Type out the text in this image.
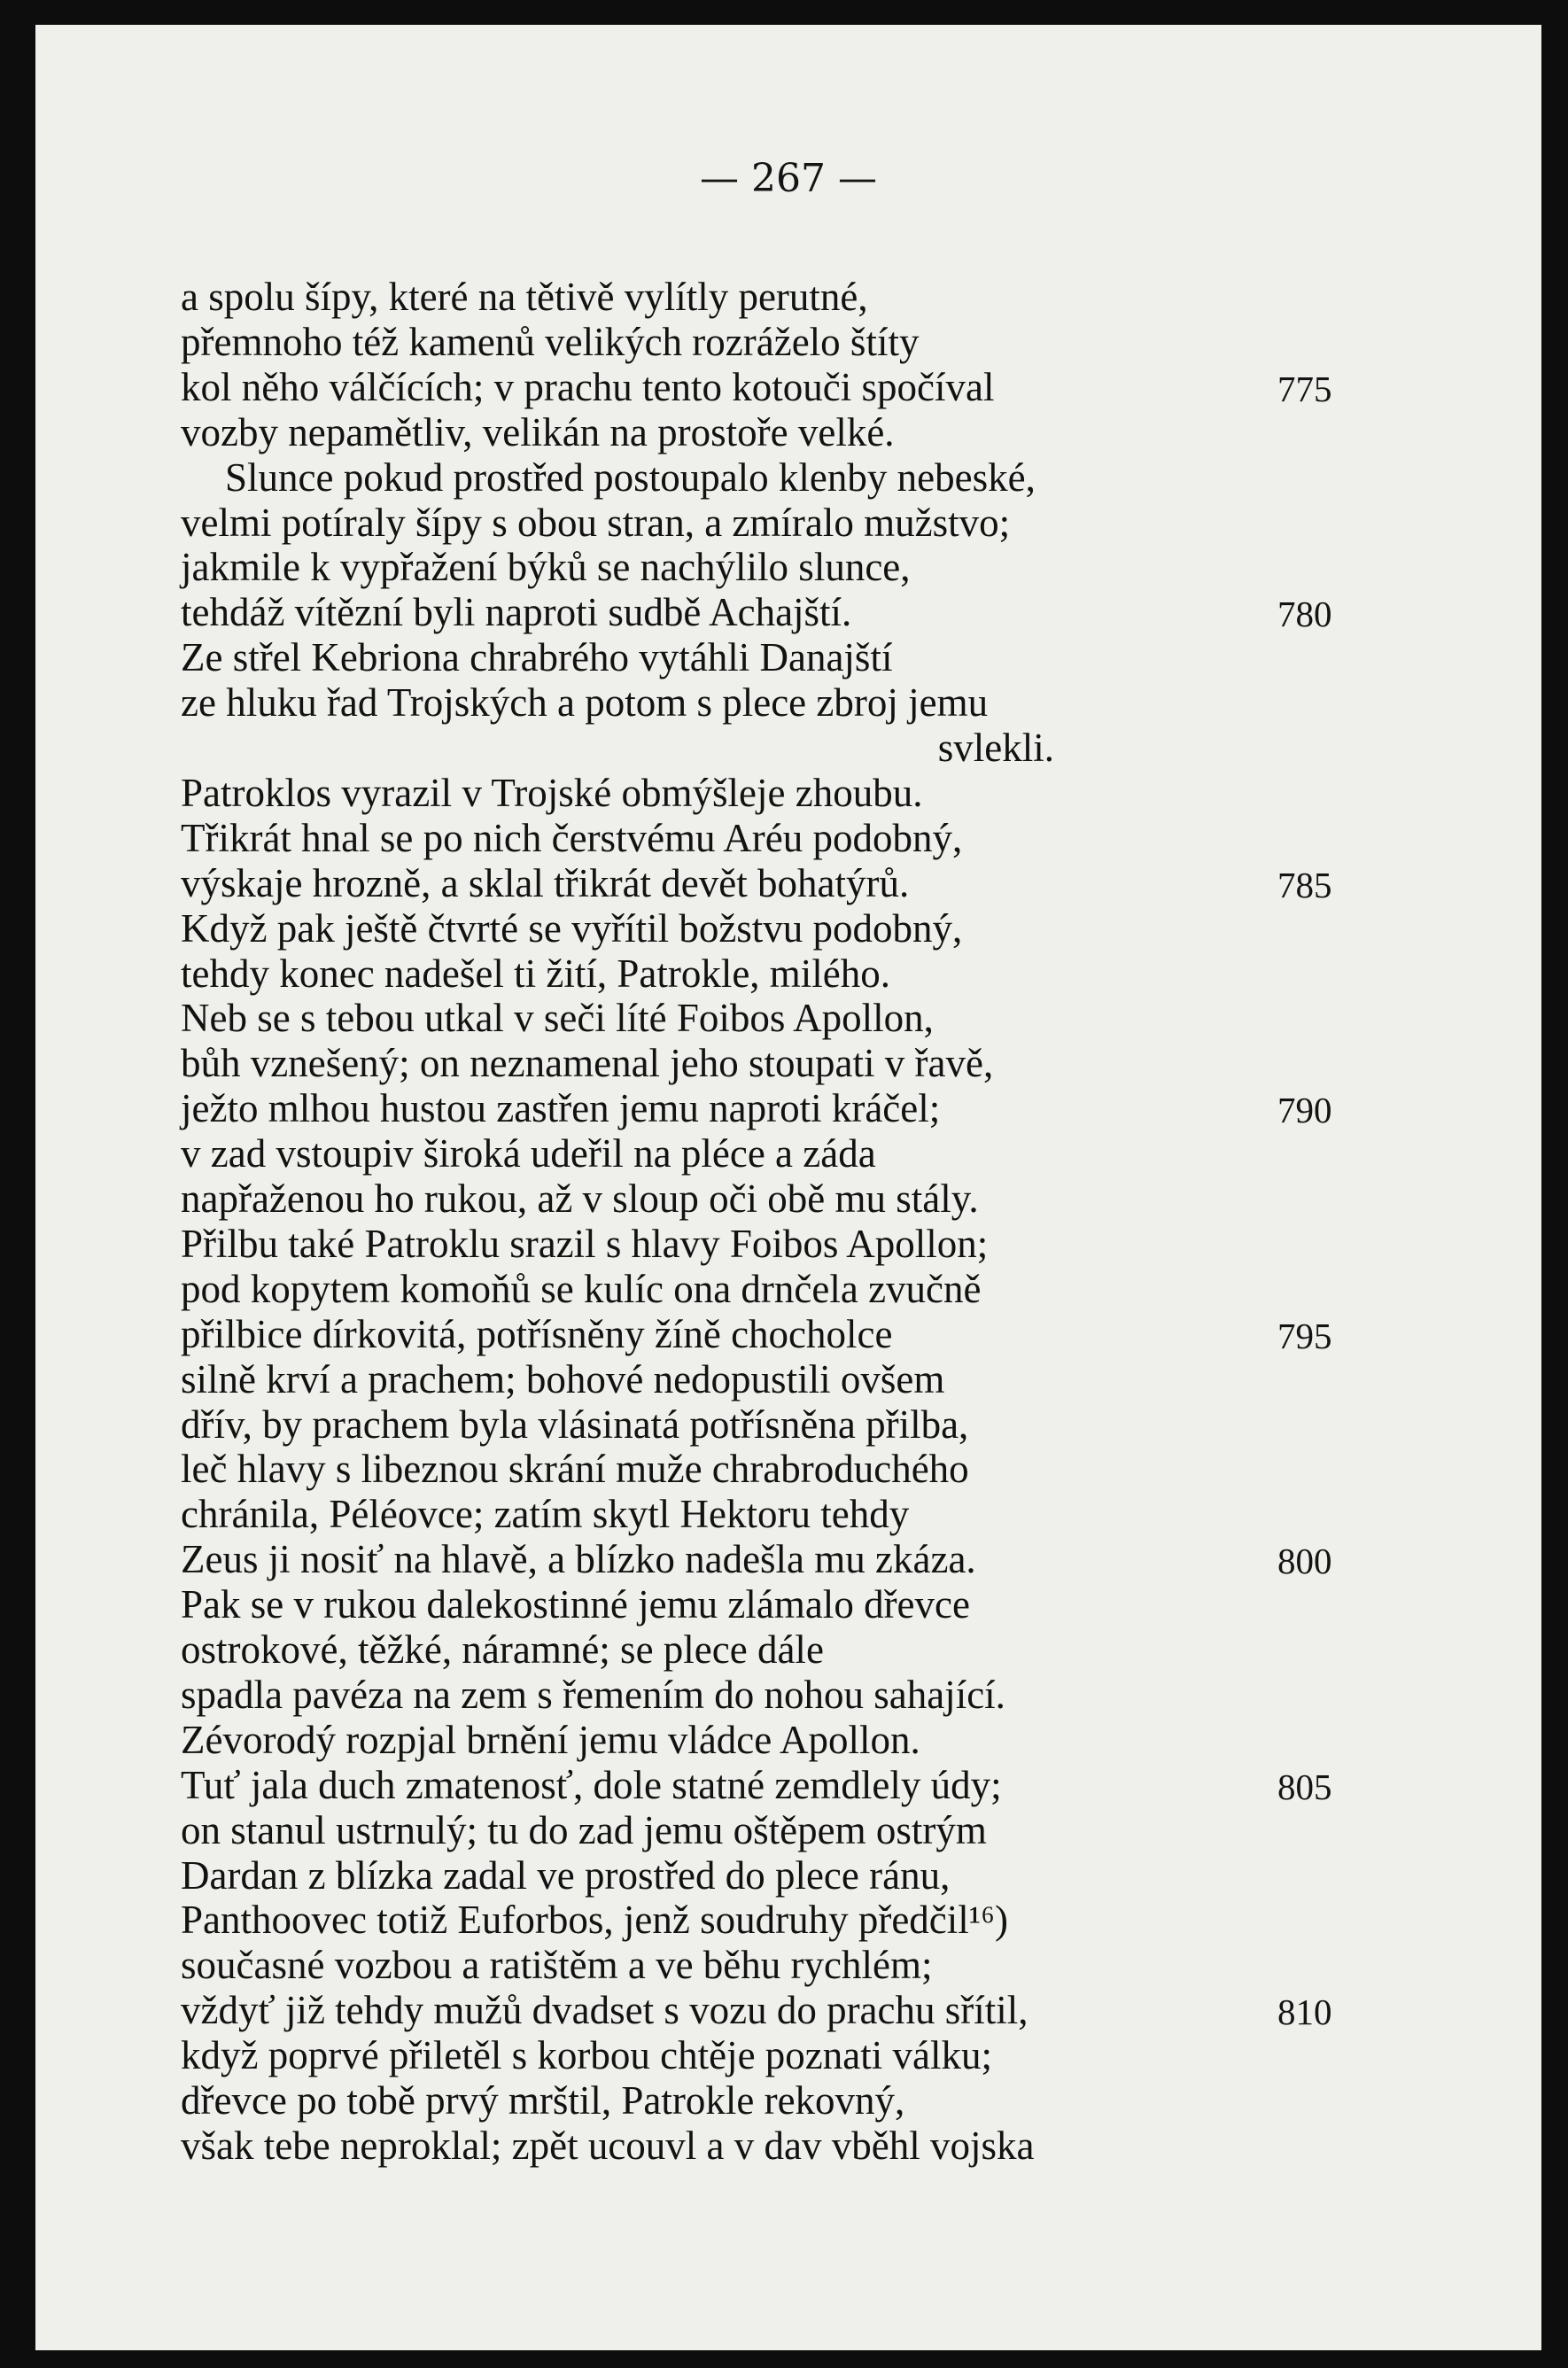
— 267 —
a spolu šípy, které na tětivě vylítly perutné,
přemnoho též kamenů velikých rozráželo štíty
kol něho válčících; v prachu tento kotouči spočíval	775
vozby nepamětliv, velikán na prostoře velké.
Slunce pokud prostřed postoupalo klenby nebeské,
velmi potíraly šípy s obou stran, a zmíralo mužstvo;
jakmile k vypřažení býků se nachýlilo slunce,
tehdáž vítězní byli naproti sudbě Achajští.	780
Ze střel Kebriona chrabrého vytáhli Danajští
ze hluku řad Trojských a potom s plece zbroj jemu
svlekli.
Patroklos vyrazil v Trojské obmýšleje zhoubu.
Třikrát hnal se po nich čerstvému Aréu podobný,
výskaje hrozně, a sklal třikrát devět bohatýrů.	785
Když pak ještě čtvrté se vyřítil božstvu podobný,
tehdy konec nadešel ti žití, Patrokle, milého.
Neb se s tebou utkal v seči líté Foibos Apollon,
bůh vznešený; on neznamenal jeho stoupati v řavě,
ježto mlhou hustou zastřen jemu naproti kráčel;	790
v zad vstoupiv široká udeřil na pléce a záda
napřaženou ho rukou, až v sloup oči obě mu stály.
Přilbu také Patroklu srazil s hlavy Foibos Apollon;
pod kopytem komoňů se kulíc ona drnčela zvučně
přilbice dírkovitá, potřísněny žíně chocholce	795
silně krví a prachem; bohové nedopustili ovšem
dřív, by prachem byla vlásinatá potřísněna přilba,
leč hlavy s libeznou skrání muže chrabroduchého
chránila, Péléovce; zatím skytl Hektoru tehdy
Zeus ji nosiť na hlavě, a blízko nadešla mu zkáza.	800
Pak se v rukou dalekostinné jemu zlámalo dřevce
ostrokové, těžké, náramné; se plece dále
spadla pavéza na zem s řemením do nohou sahající.
Zévorodý rozpjal brnění jemu vládce Apollon.
Tuť jala duch zmatenosť, dole statné zemdlely údy;	805
on stanul ustrnulý; tu do zad jemu oštěpem ostrým
Dardan z blízka zadal ve prostřed do plece ránu,
Panthoovec totiž Euforbos, jenž soudruhy předčil¹⁶)
současné vozbou a ratištěm a ve běhu rychlém;
vždyť již tehdy mužů dvadset s vozu do prachu sřítil,	810
když poprvé přiletěl s korbou chtěje poznati válku;
dřevce po tobě prvý mrštil, Patrokle rekovný,
však tebe neproklal; zpět ucouvl a v dav vběhl vojska
